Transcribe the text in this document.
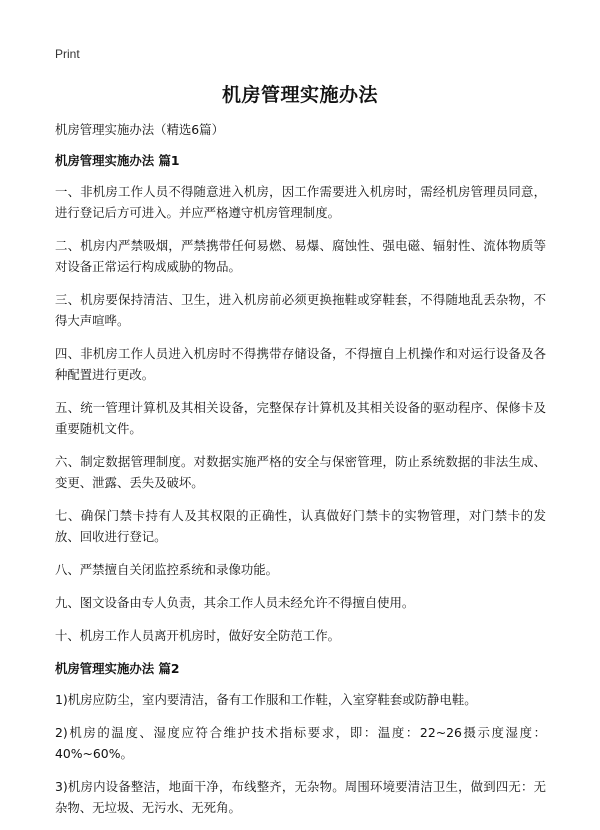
Print
机房管理实施办法

机房管理实施办法（精选6篇）

机房管理实施办法 篇1

一、非机房工作人员不得随意进入机房，因工作需要进入机房时，需经机房管理员同意，进行登记后方可进入。并应严格遵守机房管理制度。

二、机房内严禁吸烟，严禁携带任何易燃、易爆、腐蚀性、强电磁、辐射性、流体物质等对设备正常运行构成威胁的物品。

三、机房要保持清洁、卫生，进入机房前必须更换拖鞋或穿鞋套，不得随地乱丢杂物，不得大声喧哗。

四、非机房工作人员进入机房时不得携带存储设备，不得擅自上机操作和对运行设备及各种配置进行更改。

五、统一管理计算机及其相关设备，完整保存计算机及其相关设备的驱动程序、保修卡及重要随机文件。

六、制定数据管理制度。对数据实施严格的安全与保密管理，防止系统数据的非法生成、变更、泄露、丢失及破坏。

七、确保门禁卡持有人及其权限的正确性，认真做好门禁卡的实物管理，对门禁卡的发放、回收进行登记。

八、严禁擅自关闭监控系统和录像功能。

九、图文设备由专人负责，其余工作人员未经允许不得擅自使用。

十、机房工作人员离开机房时，做好安全防范工作。

机房管理实施办法 篇2

1)机房应防尘，室内要清洁，备有工作服和工作鞋，入室穿鞋套或防静电鞋。

2)机房的温度、湿度应符合维护技术指标要求，即：温度：22~26摄示度湿度：40%~60%。

3)机房内设备整洁，地面干净，布线整齐，无杂物。周围环境要清洁卫生，做到四无：无杂物、无垃圾、无污水、无死角。
